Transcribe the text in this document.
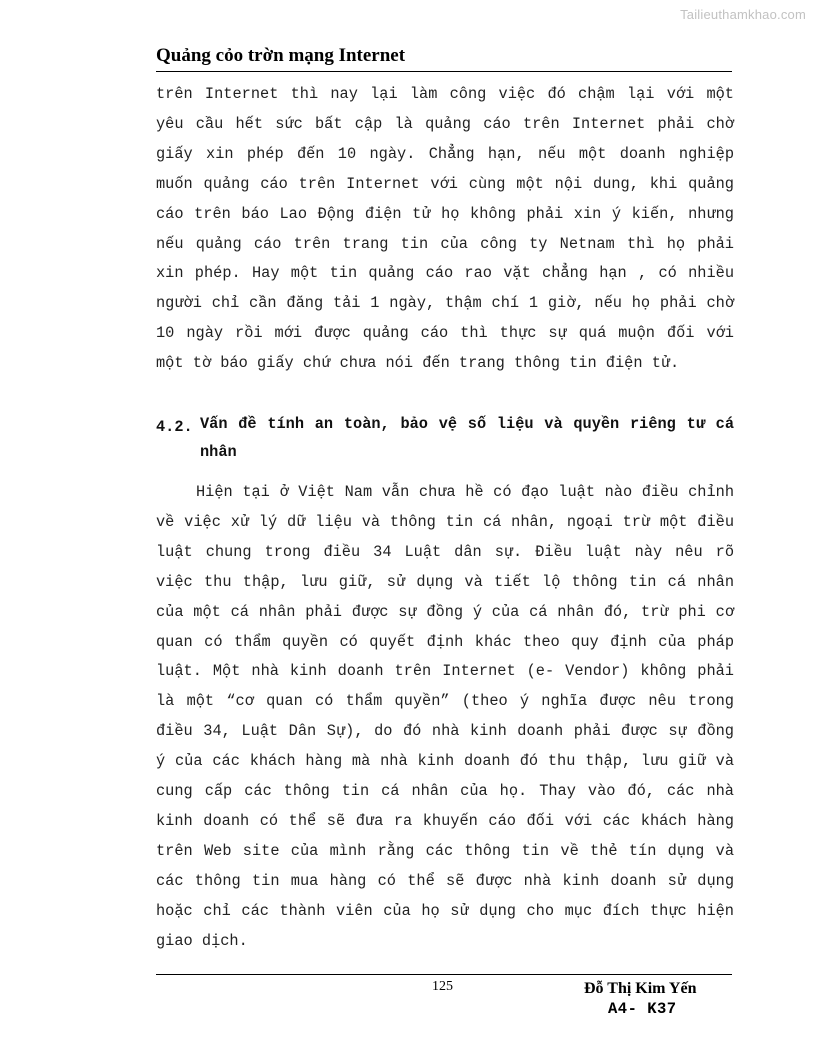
Tailieuthamkhao.com
Quảng cỏo trờn mạng Internet

trên Internet thì nay lại làm công việc đó chậm lại với một yêu cầu hết sức bất cập là quảng cáo trên Internet phải chờ giấy xin phép đến 10 ngày. Chẳng hạn, nếu một doanh nghiệp muốn quảng cáo trên Internet với cùng một nội dung, khi quảng cáo trên báo Lao Động điện tử họ không phải xin ý kiến, nhưng nếu quảng cáo trên trang tin của công ty Netnam thì họ phải xin phép. Hay một tin quảng cáo rao vặt chẳng hạn , có nhiều người chỉ cần đăng tải 1 ngày, thậm chí 1 giờ, nếu họ phải chờ 10 ngày rồi mới được quảng cáo thì thực sự quá muộn đối với một tờ báo giấy chứ chưa nói đến trang thông tin điện tử.

4.2. Vấn đề tính an toàn, bảo vệ số liệu và quyền riêng tư cá nhân

Hiện tại ở Việt Nam vẫn chưa hề có đạo luật nào điều chỉnh về việc xử lý dữ liệu và thông tin cá nhân, ngoại trừ một điều luật chung trong điều 34 Luật dân sự. Điều luật này nêu rõ việc thu thập, lưu giữ, sử dụng và tiết lộ thông tin cá nhân của một cá nhân phải được sự đồng ý của cá nhân đó, trừ phi cơ quan có thẩm quyền có quyết định khác theo quy định của pháp luật. Một nhà kinh doanh trên Internet (e- Vendor) không phải là một “cơ quan có thẩm quyền” (theo ý nghĩa được nêu trong điều 34, Luật Dân Sự), do đó nhà kinh doanh phải được sự đồng ý của các khách hàng mà nhà kinh doanh đó thu thập, lưu giữ và cung cấp các thông tin cá nhân của họ. Thay vào đó, các nhà kinh doanh có thể sẽ đưa ra khuyến cáo đối với các khách hàng trên Web site của mình rằng các thông tin về thẻ tín dụng và các thông tin mua hàng có thể sẽ được nhà kinh doanh sử dụng hoặc chỉ các thành viên của họ sử dụng cho mục đích thực hiện giao dịch.

125	Đỗ Thị Kim Yến
A4- K37
